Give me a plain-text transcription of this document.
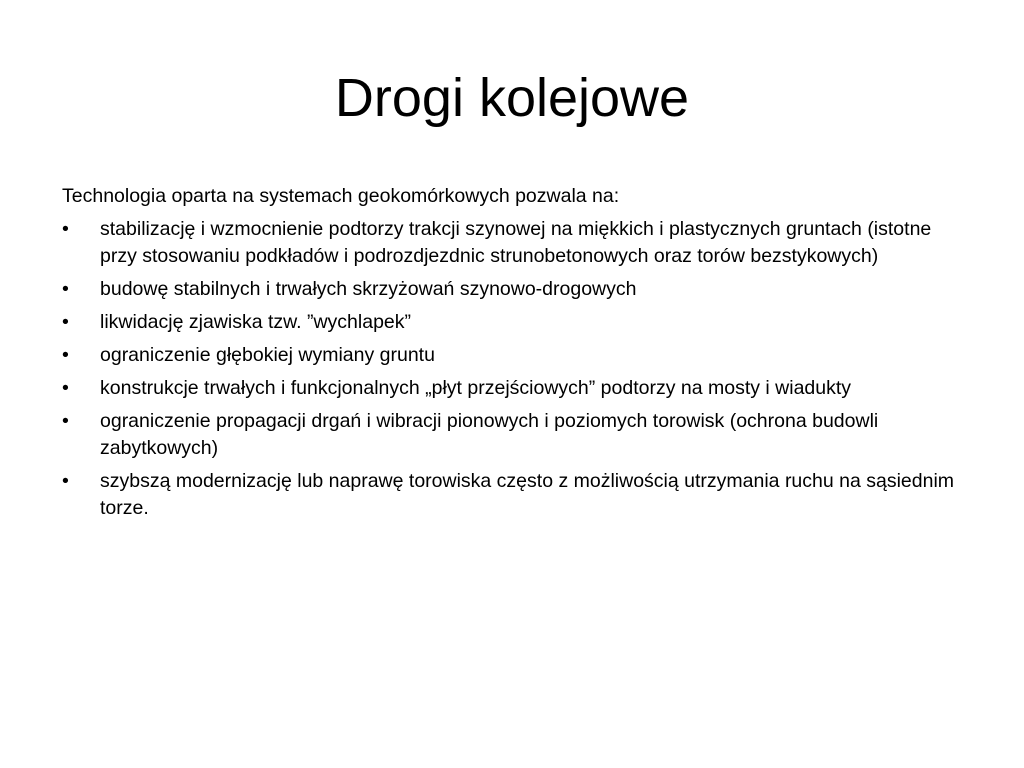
Drogi kolejowe

Technologia oparta na systemach geokomórkowych pozwala na:

•	stabilizację i wzmocnienie podtorzy trakcji szynowej na miękkich i plastycznych gruntach (istotne przy stosowaniu podkładów i podrozdjezdnic strunobetonowych oraz torów bezstykowych)
•	budowę stabilnych i trwałych skrzyżowań szynowo-drogowych
•	likwidację zjawiska tzw. ”wychlapek”
•	ograniczenie głębokiej wymiany gruntu
•	konstrukcje trwałych i funkcjonalnych „płyt przejściowych” podtorzy na mosty i wiadukty
•	ograniczenie propagacji drgań i wibracji pionowych i poziomych torowisk (ochrona budowli zabytkowych)
•	szybszą modernizację lub naprawę torowiska często z możliwością utrzymania ruchu na sąsiednim torze.
